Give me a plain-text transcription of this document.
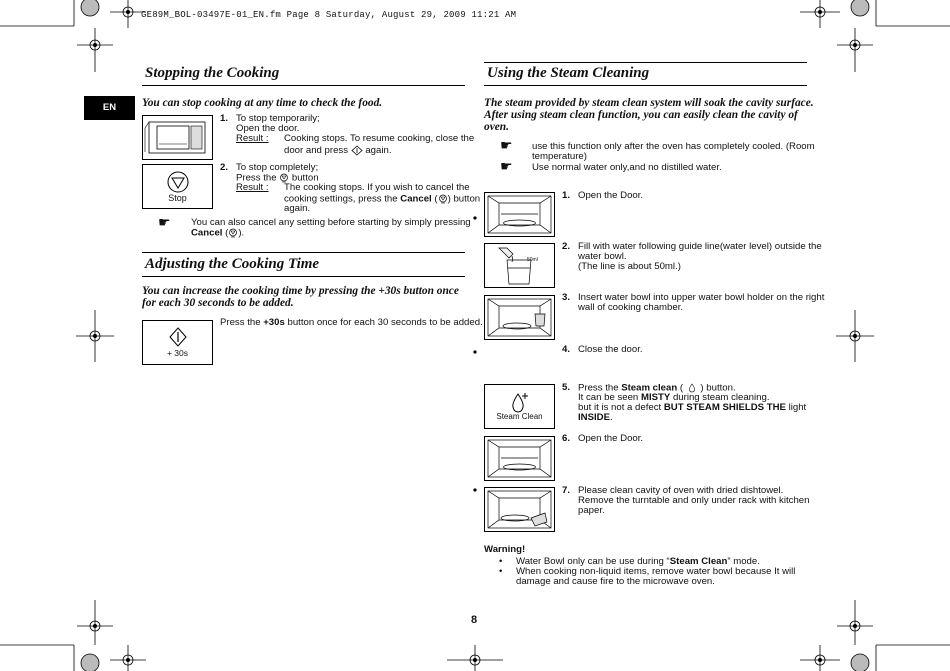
GE89M_BOL-03497E-01_EN.fm Page 8 Saturday, August 29, 2009 11:21 AM
EN
Stopping the Cooking
You can stop cooking at any time to check the food.
1. To stop temporarily;
Open the door.
Result : Cooking stops. To resume cooking, close the
door and press again.
Stop
2. To stop completely;
Press the button
Result : The cooking stops. If you wish to cancel the
cooking settings, press the Cancel ( ) button
again.
☛ You can also cancel any setting before starting by simply pressing
Cancel ( ).
Adjusting the Cooking Time
You can increase the cooking time by pressing the +30s button once
for each 30 seconds to be added.
+ 30s
Press the +30s button once for each 30 seconds to be added.
Using the Steam Cleaning
The steam provided by steam clean system will soak the cavity surface.
After using steam clean function, you can easily clean the cavity of
oven.
☛ use this function only after the oven has completely cooled. (Room
temperature)
☛ Use normal water only,and no distilled water.
50ml
1. Open the Door.
2. Fill with water following guide line(water level) outside the
water bowl.
(The line is about 50ml.)
3. Insert water bowl into upper water bowl holder on the right
wall of cooking chamber.
4. Close the door.
Steam Clean
5. Press the Steam clean ( ) button.
It can be seen MISTY during steam cleaning.
but it is not a defect BUT STEAM SHIELDS THE light
INSIDE.
6. Open the Door.
7. Please clean cavity of oven with dried dishtowel.
Remove the turntable and only under rack with kitchen
paper.
Warning!
• Water Bowl only can be use during “Steam Clean” mode.
• When cooking non-liquid items, remove water bowl because It will
damage and cause fire to the microwave oven.
8
